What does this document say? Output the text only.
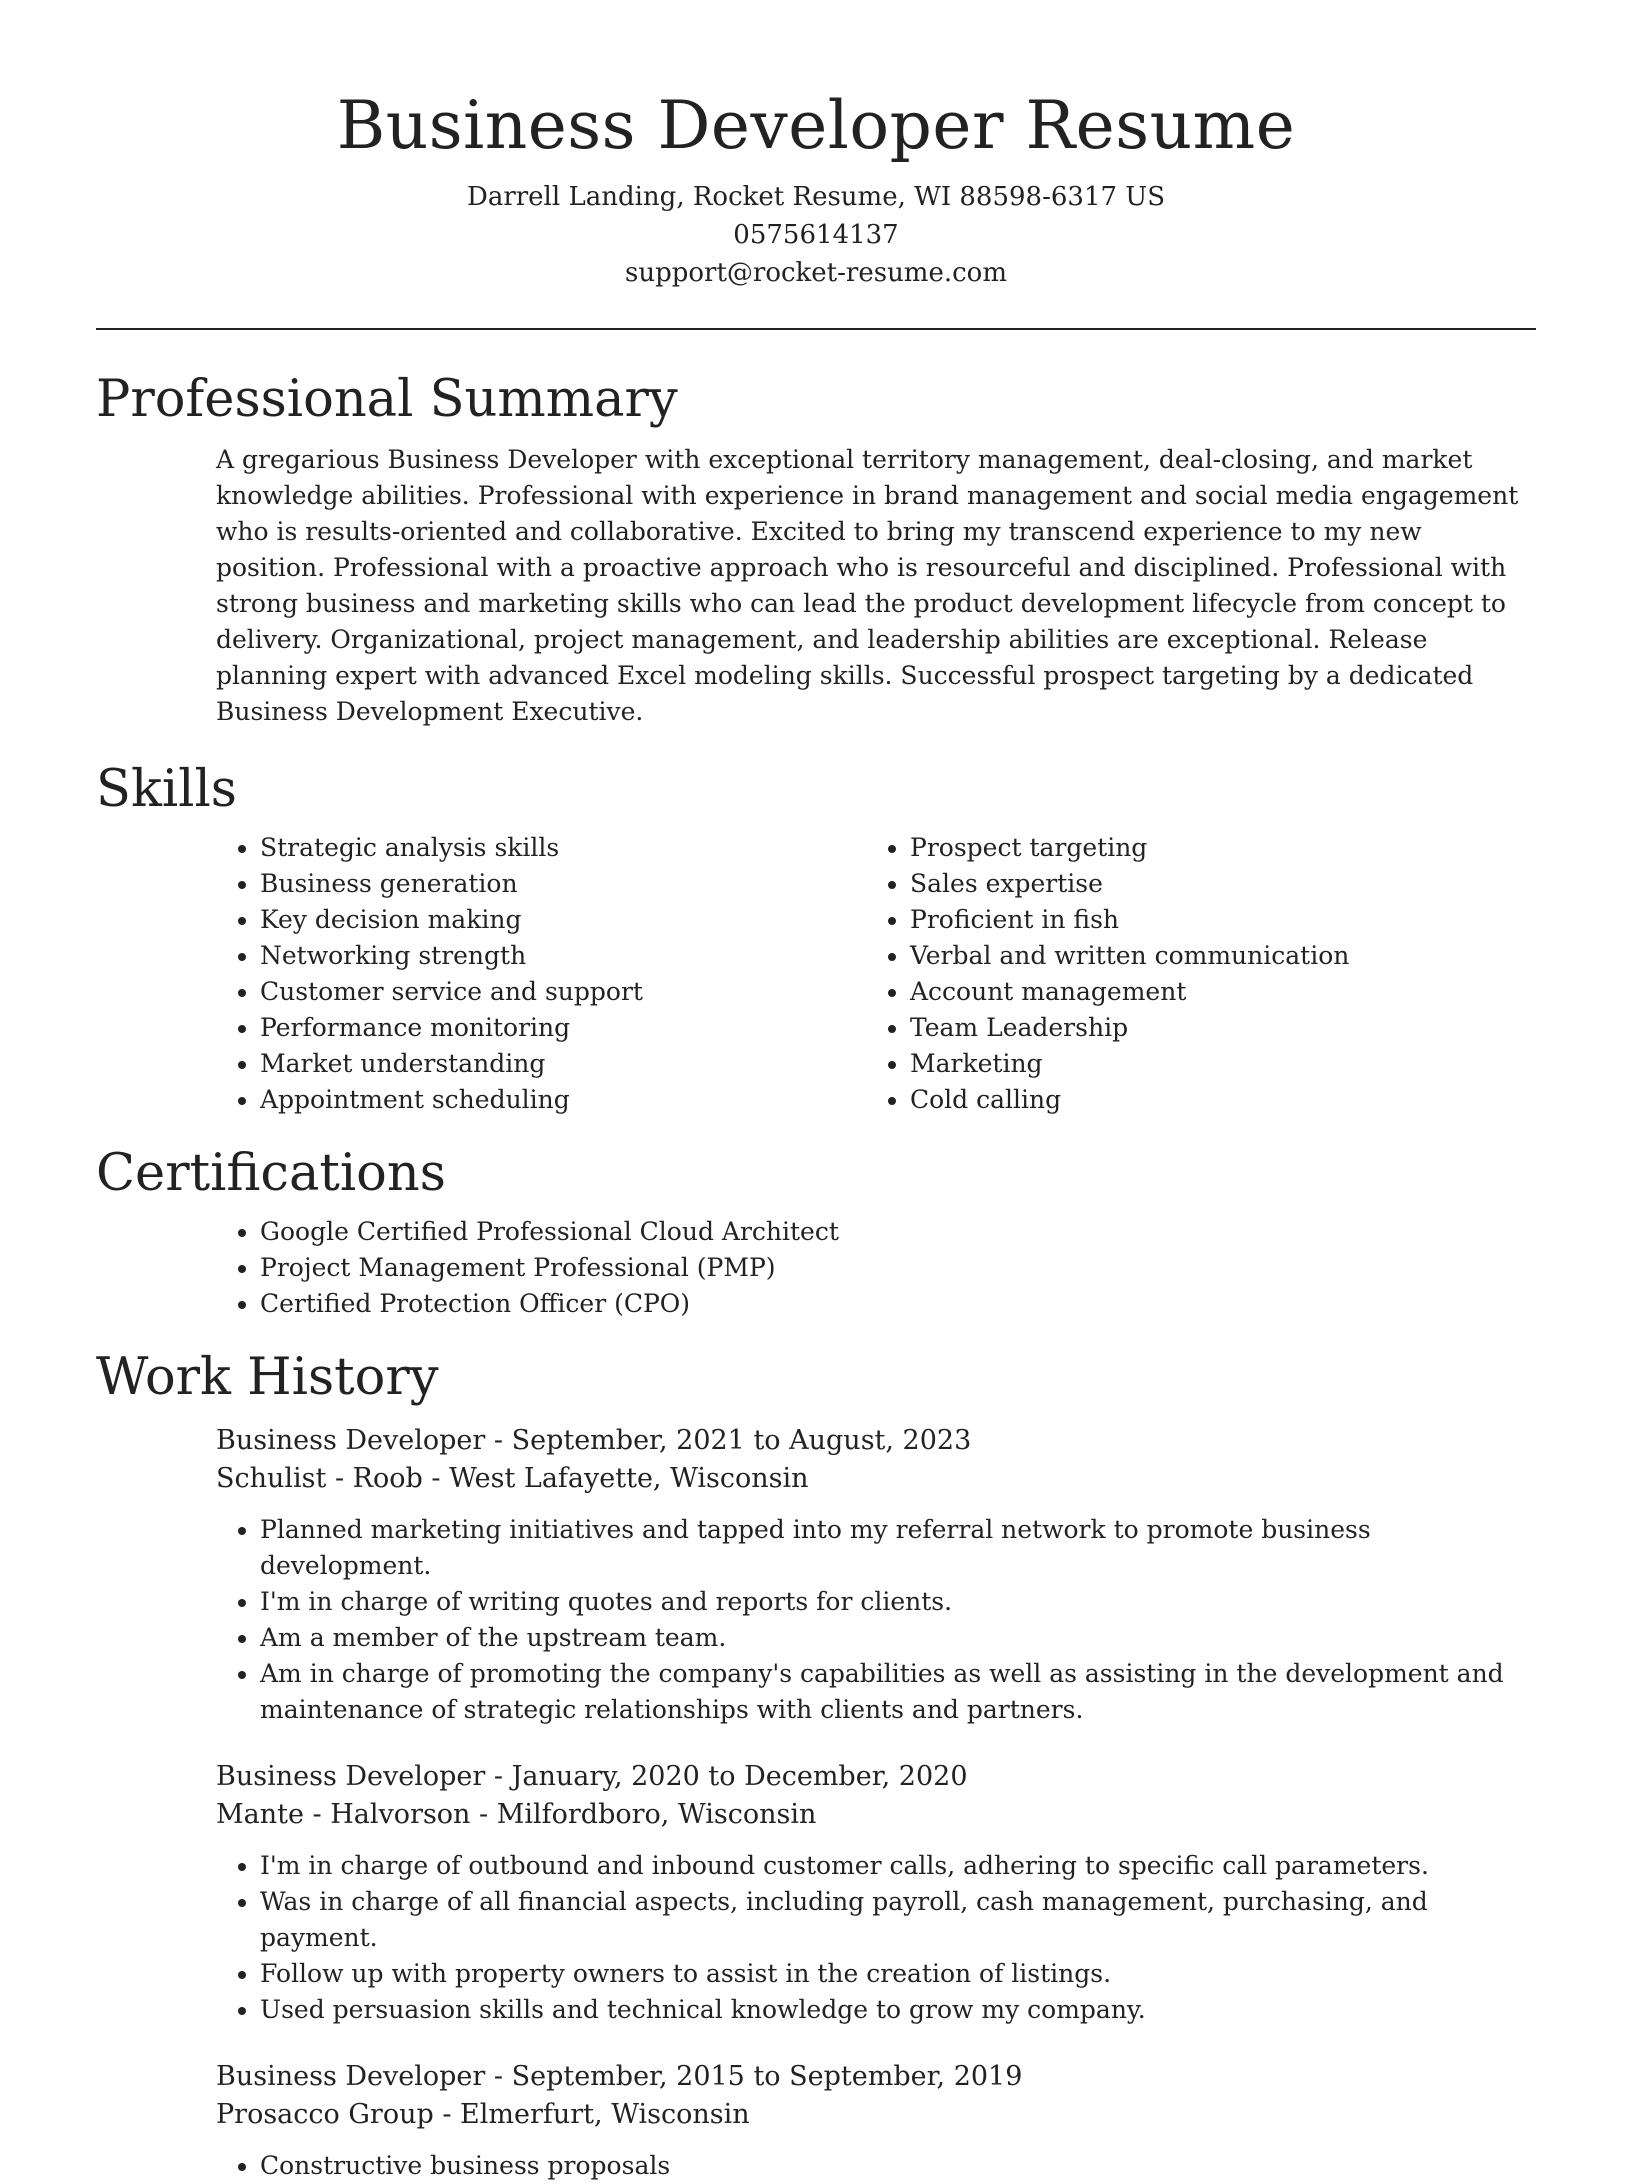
Business Developer Resume

Darrell Landing, Rocket Resume, WI 88598-6317 US

0575614137

support@rocket-resume.com

Professional Summary

A gregarious Business Developer with exceptional territory management, deal-closing, and market knowledge abilities. Professional with experience in brand management and social media engagement who is results-oriented and collaborative. Excited to bring my transcend experience to my new position. Professional with a proactive approach who is resourceful and disciplined. Professional with strong business and marketing skills who can lead the product development lifecycle from concept to delivery. Organizational, project management, and leadership abilities are exceptional. Release planning expert with advanced Excel modeling skills. Successful prospect targeting by a dedicated Business Development Executive.

Skills
• Strategic analysis skills
• Business generation
• Key decision making
• Networking strength
• Customer service and support
• Performance monitoring
• Market understanding
• Appointment scheduling
• Prospect targeting
• Sales expertise
• Proficient in fish
• Verbal and written communication
• Account management
• Team Leadership
• Marketing
• Cold calling
Certifications
• Google Certified Professional Cloud Architect
• Project Management Professional (PMP)
• Certified Protection Officer (CPO)
Work History

Business Developer - September, 2021 to August, 2023

Schulist - Roob - West Lafayette, Wisconsin

• Planned marketing initiatives and tapped into my referral network to promote business development.
• I'm in charge of writing quotes and reports for clients.
• Am a member of the upstream team.
• Am in charge of promoting the company's capabilities as well as assisting in the development and maintenance of strategic relationships with clients and partners.

Business Developer - January, 2020 to December, 2020

Mante - Halvorson - Milfordboro, Wisconsin

• I'm in charge of outbound and inbound customer calls, adhering to specific call parameters.
• Was in charge of all financial aspects, including payroll, cash management, purchasing, and payment.
• Follow up with property owners to assist in the creation of listings.
• Used persuasion skills and technical knowledge to grow my company.

Business Developer - September, 2015 to September, 2019

Prosacco Group - Elmerfurt, Wisconsin

• Constructive business proposals
